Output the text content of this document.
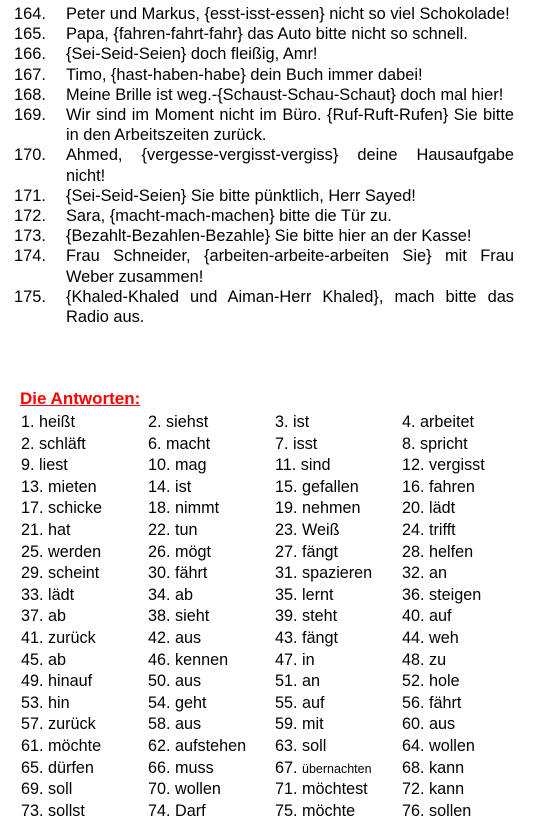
164.	Peter und Markus, {esst-isst-essen} nicht so viel Schokolade!
165.	Papa, {fahren-fahrt-fahr} das Auto bitte nicht so schnell.
166.	{Sei-Seid-Seien} doch fleißig, Amr!
167.	Timo, {hast-haben-habe} dein Buch immer dabei!
168.	Meine Brille ist weg.-{Schaust-Schau-Schaut} doch mal hier!
169.	Wir sind im Moment nicht im Büro. {Ruf-Ruft-Rufen} Sie bitte in den Arbeitszeiten zurück.
170.	Ahmed, {vergesse-vergisst-vergiss} deine Hausaufgabe nicht!
171.	{Sei-Seid-Seien} Sie bitte pünktlich, Herr Sayed!
172.	Sara, {macht-mach-machen} bitte die Tür zu.
173.	{Bezahlt-Bezahlen-Bezahle} Sie bitte hier an der Kasse!
174.	Frau Schneider, {arbeiten-arbeite-arbeiten Sie} mit Frau Weber zusammen!
175.	{Khaled-Khaled und Aiman-Herr Khaled}, mach bitte das Radio aus.
Die Antworten:
1. heißt	2. siehst	3. ist	4. arbeitet
2. schläft	6. macht	7. isst	8. spricht
9. liest	10. mag	11. sind	12. vergisst
13. mieten	14. ist	15. gefallen	16. fahren
17. schicke	18. nimmt	19. nehmen	20. lädt
21. hat	22. tun	23. Weiß	24. trifft
25. werden	26. mögt	27. fängt	28. helfen
29. scheint	30. fährt	31. spazieren	32. an
33. lädt	34. ab	35. lernt	36. steigen
37. ab	38. sieht	39. steht	40. auf
41. zurück	42. aus	43. fängt	44. weh
45. ab	46. kennen	47. in	48. zu
49. hinauf	50. aus	51. an	52. hole
53. hin	54. geht	55. auf	56. fährt
57. zurück	58. aus	59. mit	60. aus
61. möchte	62. aufstehen	63. soll	64. wollen
65. dürfen	66. muss	67. übernachten	68. kann
69. soll	70. wollen	71. möchtest	72. kann
73. sollst	74. Darf	75. möchte	76. sollen
